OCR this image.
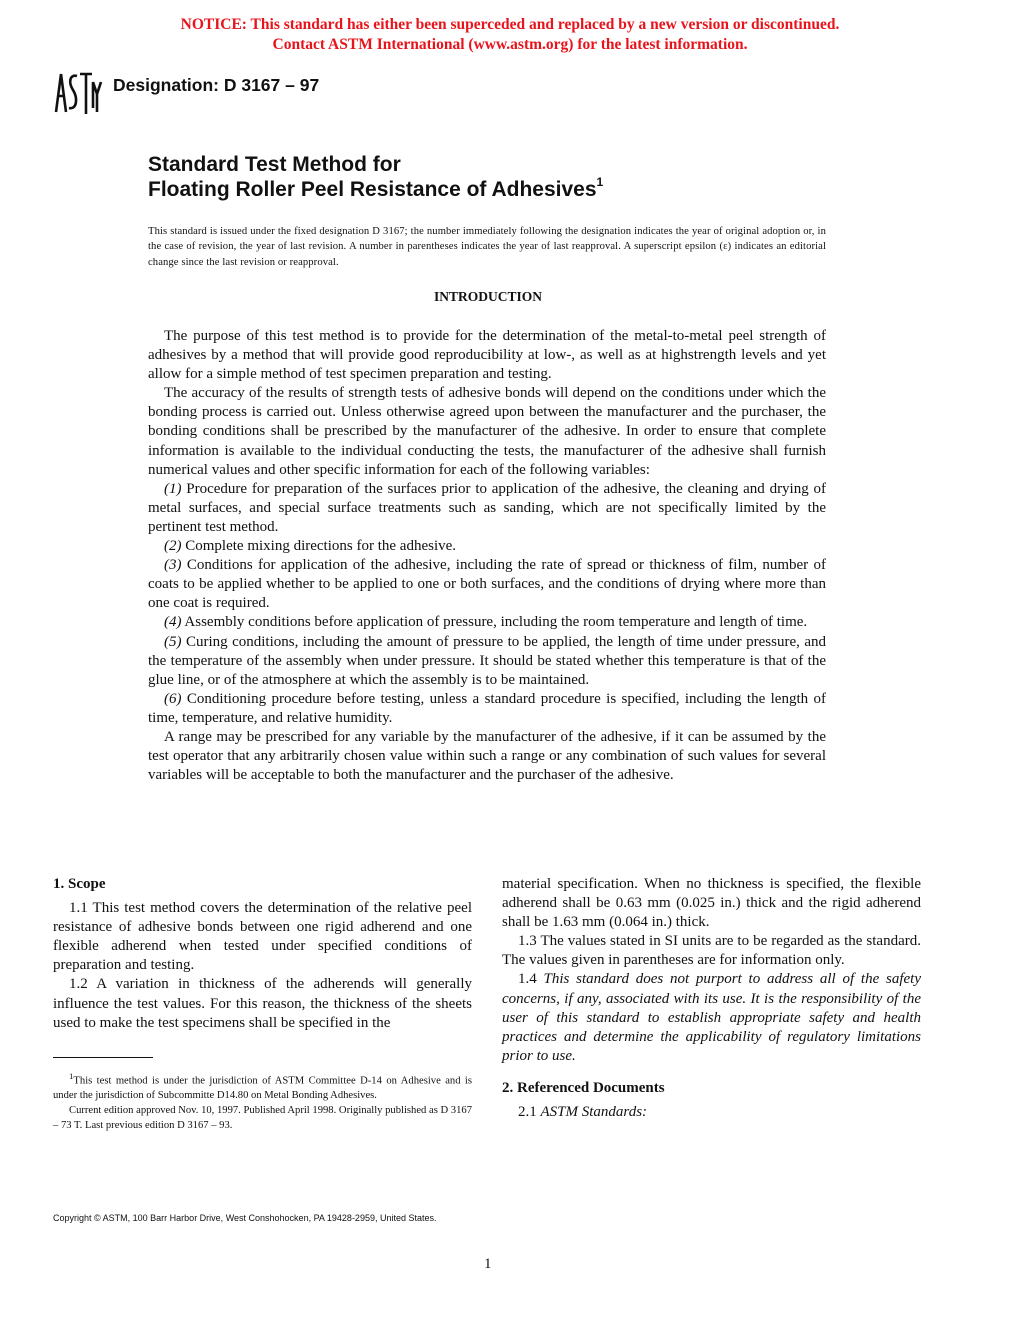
NOTICE: This standard has either been superceded and replaced by a new version or discontinued.
Contact ASTM International (www.astm.org) for the latest information.
Designation: D 3167 – 97
Standard Test Method for
Floating Roller Peel Resistance of Adhesives$^1$
This standard is issued under the fixed designation D 3167; the number immediately following the designation indicates the year of original adoption or, in the case of revision, the year of last revision. A number in parentheses indicates the year of last reapproval. A superscript epsilon (ε) indicates an editorial change since the last revision or reapproval.
INTRODUCTION

The purpose of this test method is to provide for the determination of the metal-to-metal peel strength of adhesives by a method that will provide good reproducibility at low-, as well as at highstrength levels and yet allow for a simple method of test specimen preparation and testing.

The accuracy of the results of strength tests of adhesive bonds will depend on the conditions under which the bonding process is carried out. Unless otherwise agreed upon between the manufacturer and the purchaser, the bonding conditions shall be prescribed by the manufacturer of the adhesive. In order to ensure that complete information is available to the individual conducting the tests, the manufacturer of the adhesive shall furnish numerical values and other specific information for each of the following variables:

(1) Procedure for preparation of the surfaces prior to application of the adhesive, the cleaning and drying of metal surfaces, and special surface treatments such as sanding, which are not specifically limited by the pertinent test method.

(2) Complete mixing directions for the adhesive.

(3) Conditions for application of the adhesive, including the rate of spread or thickness of film, number of coats to be applied whether to be applied to one or both surfaces, and the conditions of drying where more than one coat is required.

(4) Assembly conditions before application of pressure, including the room temperature and length of time.

(5) Curing conditions, including the amount of pressure to be applied, the length of time under pressure, and the temperature of the assembly when under pressure. It should be stated whether this temperature is that of the glue line, or of the atmosphere at which the assembly is to be maintained.

(6) Conditioning procedure before testing, unless a standard procedure is specified, including the length of time, temperature, and relative humidity.

A range may be prescribed for any variable by the manufacturer of the adhesive, if it can be assumed by the test operator that any arbitrarily chosen value within such a range or any combination of such values for several variables will be acceptable to both the manufacturer and the purchaser of the adhesive.

1. Scope

1.1 This test method covers the determination of the relative peel resistance of adhesive bonds between one rigid adherend and one flexible adherend when tested under specified conditions of preparation and testing.

1.2 A variation in thickness of the adherends will generally influence the test values. For this reason, the thickness of the sheets used to make the test specimens shall be specified in the

material specification. When no thickness is specified, the flexible adherend shall be 0.63 mm (0.025 in.) thick and the rigid adherend shall be 1.63 mm (0.064 in.) thick.

1.3 The values stated in SI units are to be regarded as the standard. The values given in parentheses are for information only.

1.4 This standard does not purport to address all of the safety concerns, if any, associated with its use. It is the responsibility of the user of this standard to establish appropriate safety and health practices and determine the applicability of regulatory limitations prior to use.

2. Referenced Documents

2.1 ASTM Standards:

$^1$This test method is under the jurisdiction of ASTM Committee D-14 on Adhesive and is under the jurisdiction of Subcommitte D14.80 on Metal Bonding Adhesives.

Current edition approved Nov. 10, 1997. Published April 1998. Originally published as D 3167 – 73 T. Last previous edition D 3167 – 93.

Copyright © ASTM, 100 Barr Harbor Drive, West Conshohocken, PA 19428-2959, United States.
1
